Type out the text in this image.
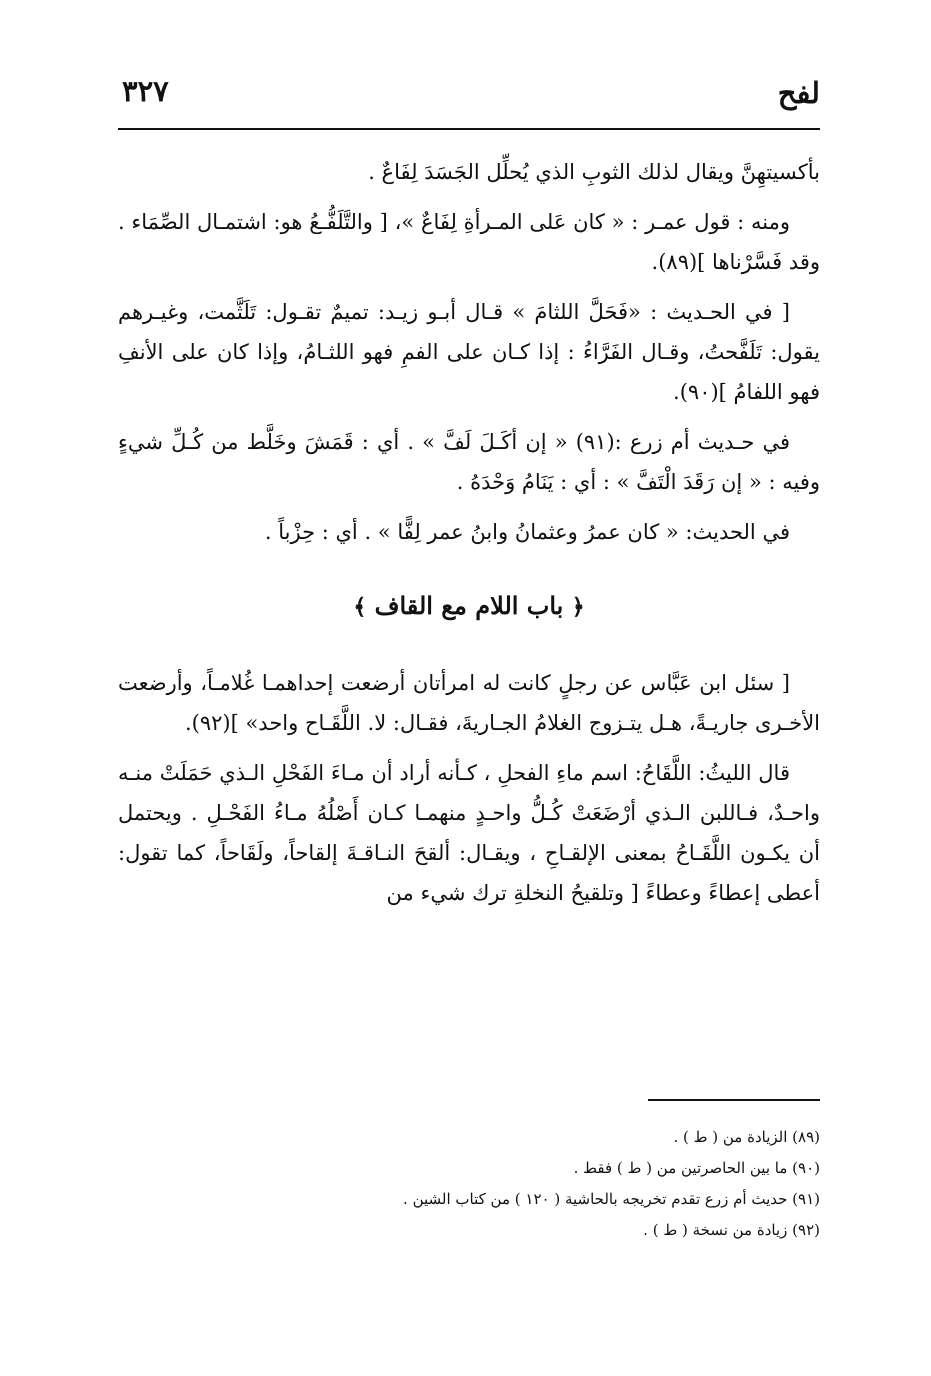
لفح
٣٢٧

بأكسيتهِنَّ ويقال لذلك الثوبِ الذي يُحلِّل الجَسَدَ لِفَاعٌ .

ومنه : قول عمـر : « كان عَلى المـرأةِ لِفَاعٌ »، [ والتَّلَفُّـعُ هو: اشتمـال الصِّمَاء . وقد فَسَّرْناها ](٨٩).

[ في الحـديث : «فَحَلَّ اللثامَ » قـال أبـو زيـد: تميمٌ تقـول: تَلَثَّمت، وغيـرهم يقول: تَلَفَّحتُ، وقـال الفَرَّاءُ : إذا كـان على الفمِ فهو اللثـامُ، وإذا كان على الأنفِ فهو اللفامُ ](٩٠).

في حـديث أم زرع :(٩١) « إن أكَـلَ لَفَّ » . أي : قَمَشَ وخَلَّط من كُـلِّ شيءٍ وفيه : « إن رَقَدَ الْتَفَّ » : أي : يَنَامُ وَحْدَهُ .

في الحديث: « كان عمرُ وعثمانُ وابنُ عمر لِفًّا » . أي : حِزْباً .

﴿ باب اللام مع القاف ﴾

[ سئل ابن عَبَّاس عن رجلٍ كانت له امرأتان أرضعت إحداهمـا غُلامـاً، وأرضعت الأخـرى جاريـةً، هـل يتـزوج الغلامُ الجـاريةَ، فقـال: لا. اللَّقَـاح واحد» ](٩٢).

قال الليثُ: اللَّقَاحُ: اسم ماءِ الفحلِ ، كـأنه أراد أن مـاءَ الفَحْلِ الـذي حَمَلَتْ منـه واحـدٌ، فـاللبن الـذي أرْضَعَتْ كُـلُّ واحـدٍ منهمـا كـان أَصْلُهُ مـاءُ الفَحْـلِ . ويحتمل أن يكـون اللَّقَـاحُ بمعنى الإلقـاحِ ، ويقـال: ألقحَ النـاقـةَ إلقاحاً، ولَقَاحاً، كما تقول: أعطى إعطاءً وعطاءً [ وتلقيحُ النخلةِ ترك شيء من

(٨٩) الزيادة من ( ط ) .
(٩٠) ما بين الحاصرتين من ( ط ) فقط .
(٩١) حديث أم زرع تقدم تخريجه بالحاشية ( ١٢٠ ) من كتاب الشين .
(٩٢) زيادة من نسخة ( ط ) .
